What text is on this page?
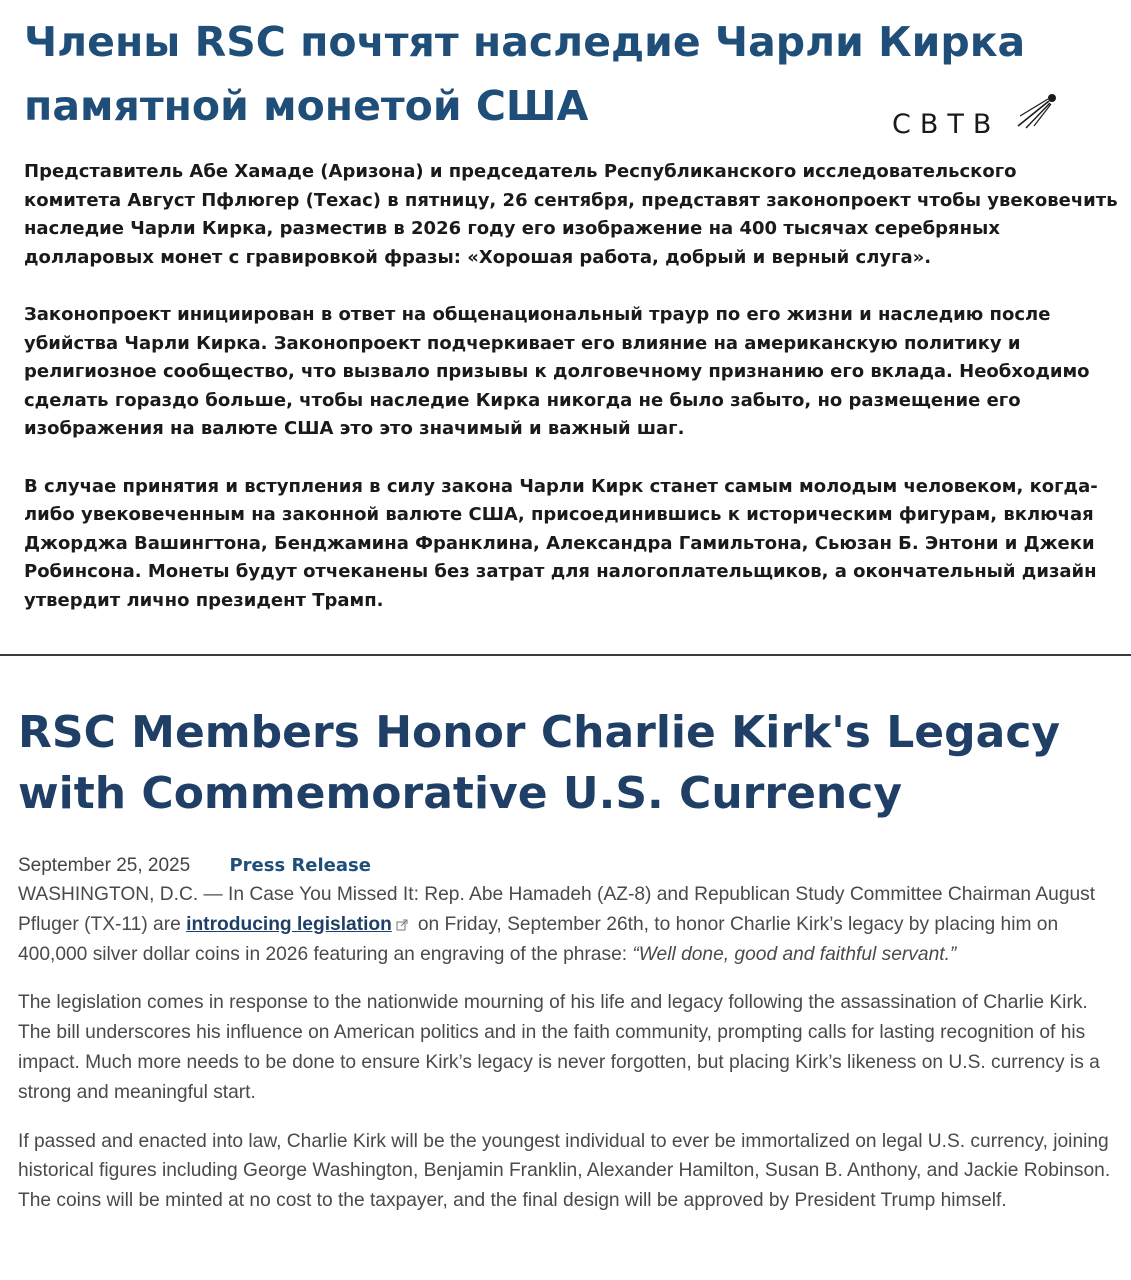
Члены RSC почтят наследие Чарли Кирка памятной монетой США	СВТВ

Представитель Абе Хамаде (Аризона) и председатель Республиканского исследовательского комитета Август Пфлюгер (Техас) в пятницу, 26 сентября, представят законопроект чтобы увековечить наследие Чарли Кирка, разместив в 2026 году его изображение на 400 тысячах серебряных долларовых монет с гравировкой фразы: «Хорошая работа, добрый и верный слуга».

Законопроект инициирован в ответ на общенациональный траур по его жизни и наследию после убийства Чарли Кирка. Законопроект подчеркивает его влияние на американскую политику и религиозное сообщество, что вызвало призывы к долговечному признанию его вклада. Необходимо сделать гораздо больше, чтобы наследие Кирка никогда не было забыто, но размещение его изображения на валюте США это это значимый и важный шаг.

В случае принятия и вступления в силу закона Чарли Кирк станет самым молодым человеком, когда-либо увековеченным на законной валюте США, присоединившись к историческим фигурам, включая Джорджа Вашингтона, Бенджамина Франклина, Александра Гамильтона, Сьюзан Б. Энтони и Джеки Робинсона. Монеты будут отчеканены без затрат для налогоплательщиков, а окончательный дизайн утвердит лично президент Трамп.

RSC Members Honor Charlie Kirk's Legacy with Commemorative U.S. Currency
September 25, 2025 Press Release

WASHINGTON, D.C. — In Case You Missed It: Rep. Abe Hamadeh (AZ-8) and Republican Study Committee Chairman August Pfluger (TX-11) are introducing legislation on Friday, September 26th, to honor Charlie Kirk’s legacy by placing him on 400,000 silver dollar coins in 2026 featuring an engraving of the phrase: “Well done, good and faithful servant.”

The legislation comes in response to the nationwide mourning of his life and legacy following the assassination of Charlie Kirk. The bill underscores his influence on American politics and in the faith community, prompting calls for lasting recognition of his impact. Much more needs to be done to ensure Kirk’s legacy is never forgotten, but placing Kirk’s likeness on U.S. currency is a strong and meaningful start.

If passed and enacted into law, Charlie Kirk will be the youngest individual to ever be immortalized on legal U.S. currency, joining historical figures including George Washington, Benjamin Franklin, Alexander Hamilton, Susan B. Anthony, and Jackie Robinson. The coins will be minted at no cost to the taxpayer, and the final design will be approved by President Trump himself.
